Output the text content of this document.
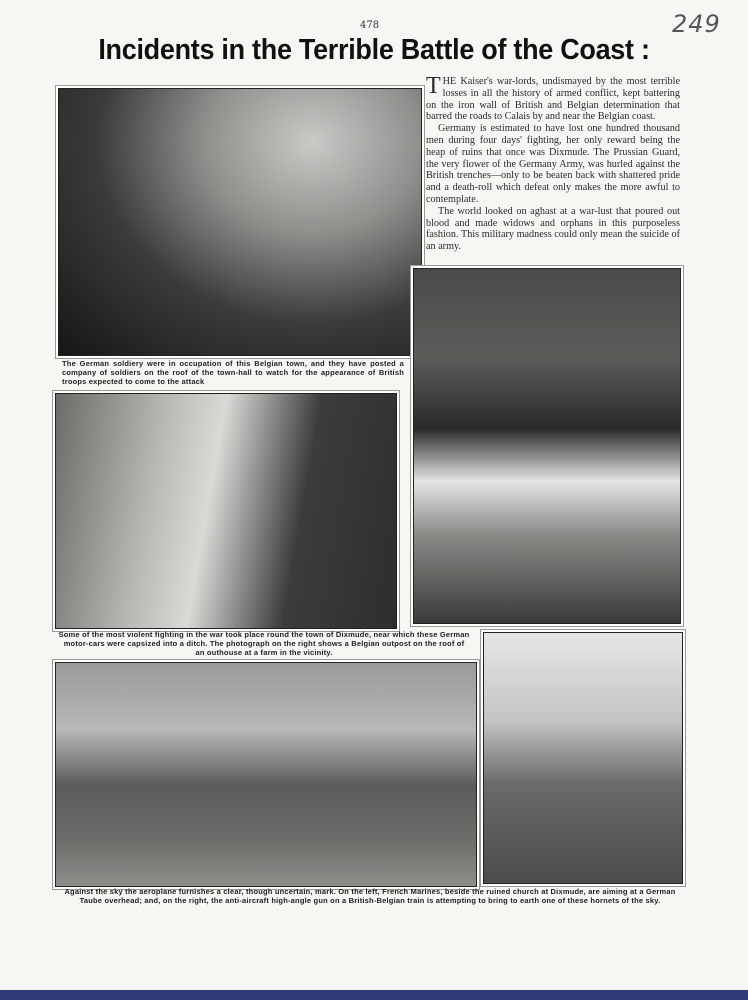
478	249
Incidents in the Terrible Battle of the Coast :
The German soldiery were in occupation of this Belgian town, and they have posted a company of soldiers on the roof of the town-hall to watch for the appearance of British troops expected to come to the attack

THE Kaiser's war-lords, undismayed by the most terrible losses in all the history of armed conflict, kept battering on the iron wall of British and Belgian determination that barred the roads to Calais by and near the Belgian coast.

Germany is estimated to have lost one hundred thousand men during four days' fighting, her only reward being the heap of ruins that once was Dixmude. The Prussian Guard, the very flower of the Germany Army, was hurled against the British trenches—only to be beaten back with shattered pride and a death-roll which defeat only makes the more awful to contemplate.

The world looked on aghast at a war-lust that poured out blood and made widows and orphans in this purposeless fashion. This military madness could only mean the suicide of an army.

Some of the most violent fighting in the war took place round the town of Dixmude, near which these German motor-cars were capsized into a ditch. The photograph on the right shows a Belgian outpost on the roof of an outhouse at a farm in the vicinity.
Against the sky the aeroplane furnishes a clear, though uncertain, mark. On the left, French Marines, beside the ruined church at Dixmude, are aiming at a German Taube overhead; and, on the right, the anti-aircraft high-angle gun on a British-Belgian train is attempting to bring to earth one of these hornets of the sky.
